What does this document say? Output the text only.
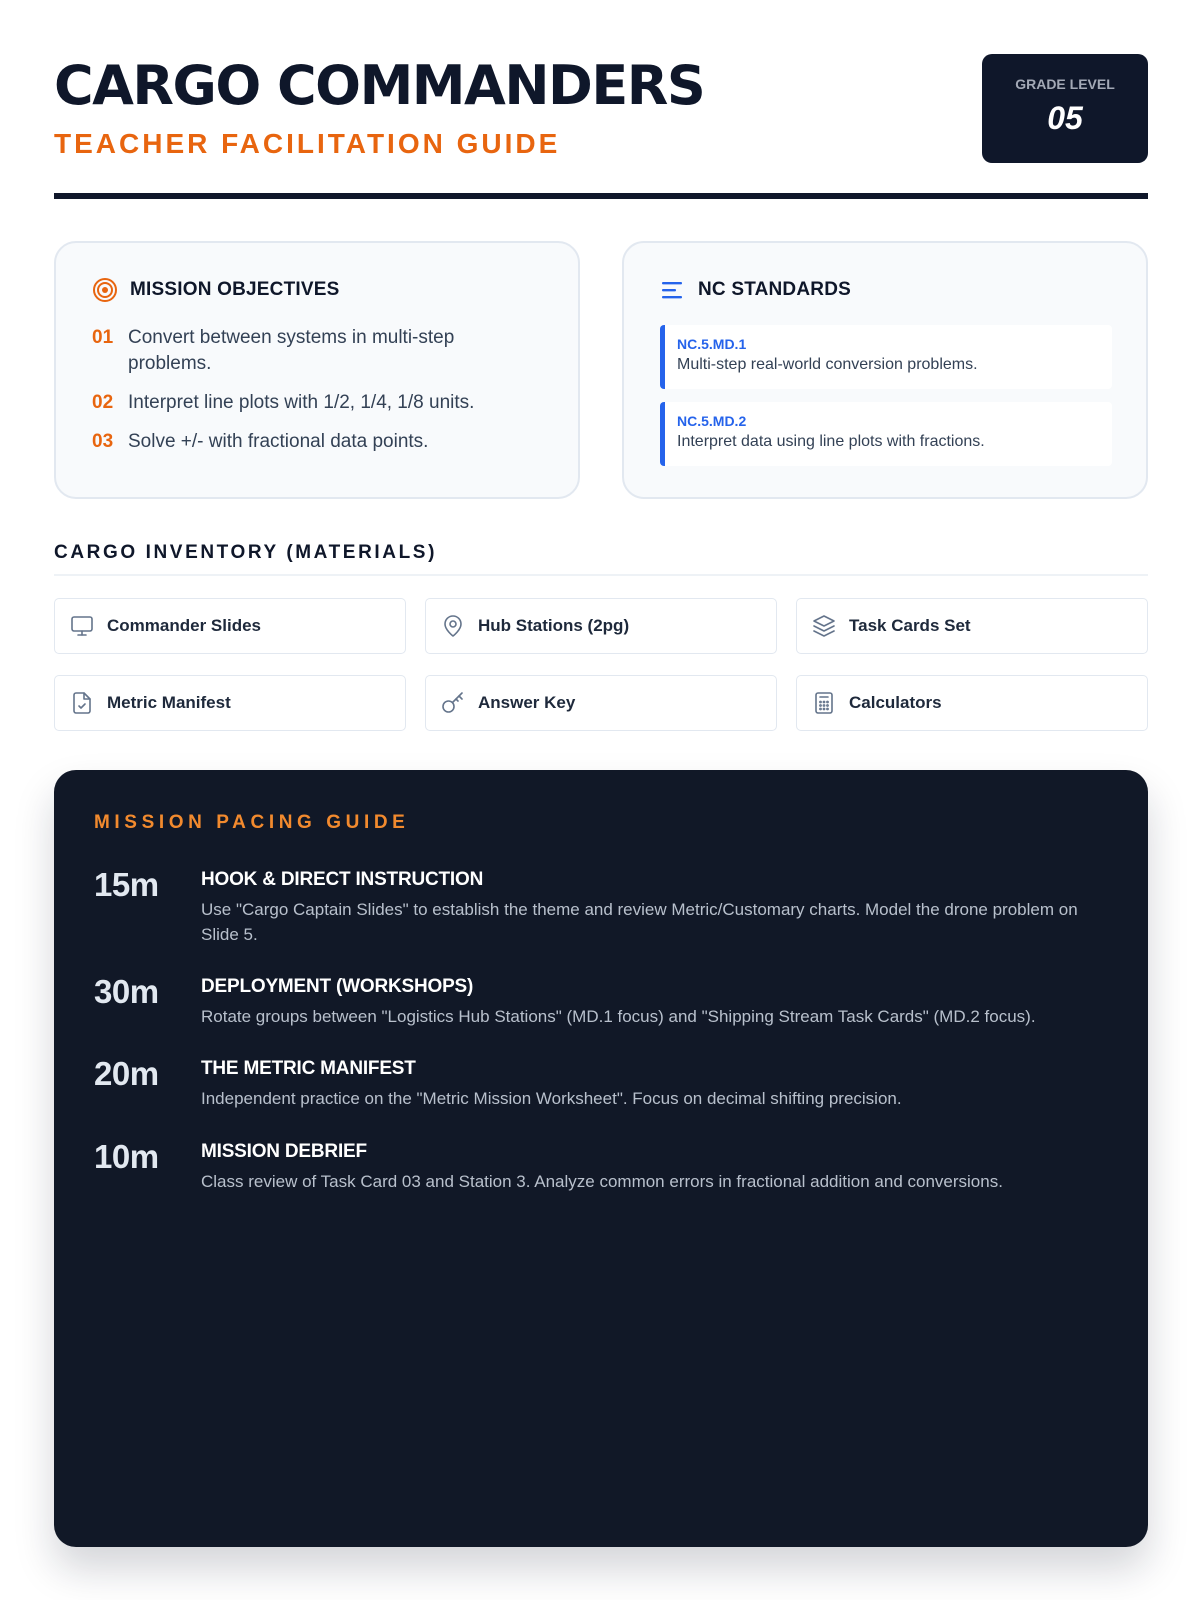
CARGO COMMANDERS
TEACHER FACILITATION GUIDE
GRADE LEVEL
05
MISSION OBJECTIVES
01 Convert between systems in multi-step problems.
02 Interpret line plots with 1/2, 1/4, 1/8 units.
03 Solve +/- with fractional data points.
NC STANDARDS
NC.5.MD.1
Multi-step real-world conversion problems.
NC.5.MD.2
Interpret data using line plots with fractions.
CARGO INVENTORY (MATERIALS)
Commander Slides	Hub Stations (2pg)	Task Cards Set
Metric Manifest	Answer Key	Calculators
MISSION PACING GUIDE
15m HOOK & DIRECT INSTRUCTION
Use "Cargo Captain Slides" to establish the theme and review Metric/Customary charts. Model the drone problem on Slide 5.
30m DEPLOYMENT (WORKSHOPS)
Rotate groups between "Logistics Hub Stations" (MD.1 focus) and "Shipping Stream Task Cards" (MD.2 focus).
20m THE METRIC MANIFEST
Independent practice on the "Metric Mission Worksheet". Focus on decimal shifting precision.
10m MISSION DEBRIEF
Class review of Task Card 03 and Station 3. Analyze common errors in fractional addition and conversions.
